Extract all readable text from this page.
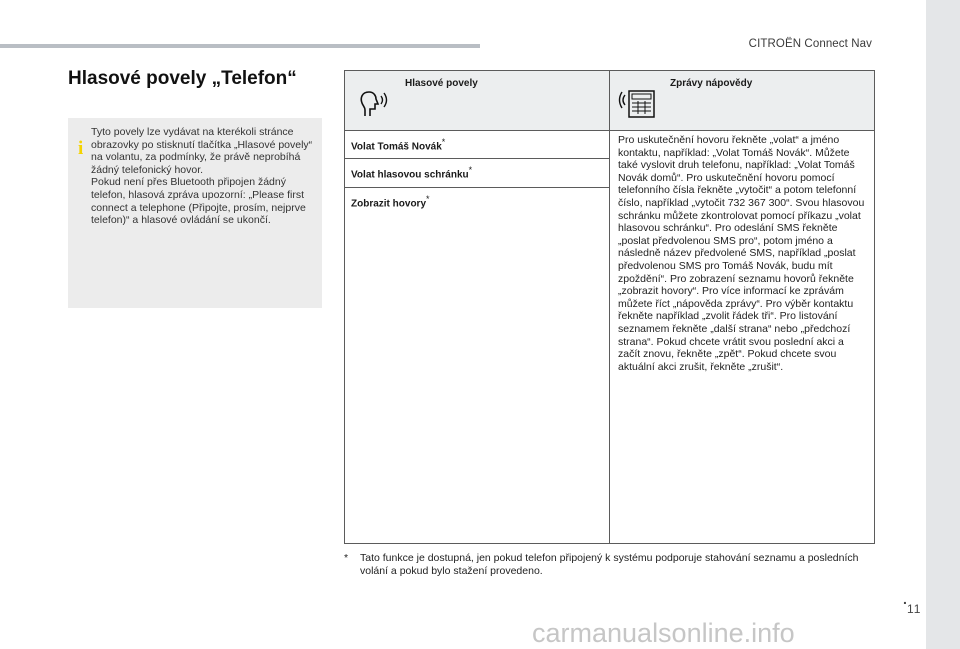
CITROËN Connect Nav
Hlasové povely „Telefon“
i
Tyto povely lze vydávat na kterékoli stránce obrazovky po stisknutí tlačítka „Hlasové povely“ na volantu, za podmínky, že právě neprobíhá žádný telefonický hovor.
Pokud není přes Bluetooth připojen žádný telefon, hlasová zpráva upozorní: „Please first connect a telephone (Připojte, prosím, nejprve telefon)“ a hlasové ovládání se ukončí.
Hlasové povely	Zprávy nápovědy

Volat Tomáš Novák*	Pro uskutečnění hovoru řekněte „volat“ a jméno kontaktu, například: „Volat Tomáš Novák“. Můžete také vyslovit druh telefonu, například: „Volat Tomáš Novák domů“. Pro uskutečnění hovoru pomocí telefonního čísla řekněte „vytočit“ a potom telefonní číslo, například „vytočit 732 367 300“. Svou hlasovou schránku můžete zkontrolovat pomocí příkazu „volat hlasovou schránku“. Pro odeslání SMS řekněte „poslat předvolenou SMS pro“, potom jméno a následně název předvolené SMS, například „poslat předvolenou SMS pro Tomáš Novák, budu mít zpoždění“. Pro zobrazení seznamu hovorů řekněte „zobrazit hovory“. Pro více informací ke zprávám můžete říct „nápověda zprávy“. Pro výběr kontaktu řekněte například „zvolit řádek tři“. Pro listování seznamem řekněte „další strana“ nebo „předchozí strana“. Pokud chcete vrátit svou poslední akci a začít znovu, řekněte „zpět“. Pokud chcete svou aktuální akci zrušit, řekněte „zrušit“.
Volat hlasovou schránku*
Zobrazit hovory*
* Tato funkce je dostupná, jen pokud telefon připojený k systému podporuje stahování seznamu a posledních volání a pokud bylo stažení provedeno.
.
11
carmanualsonline.info
